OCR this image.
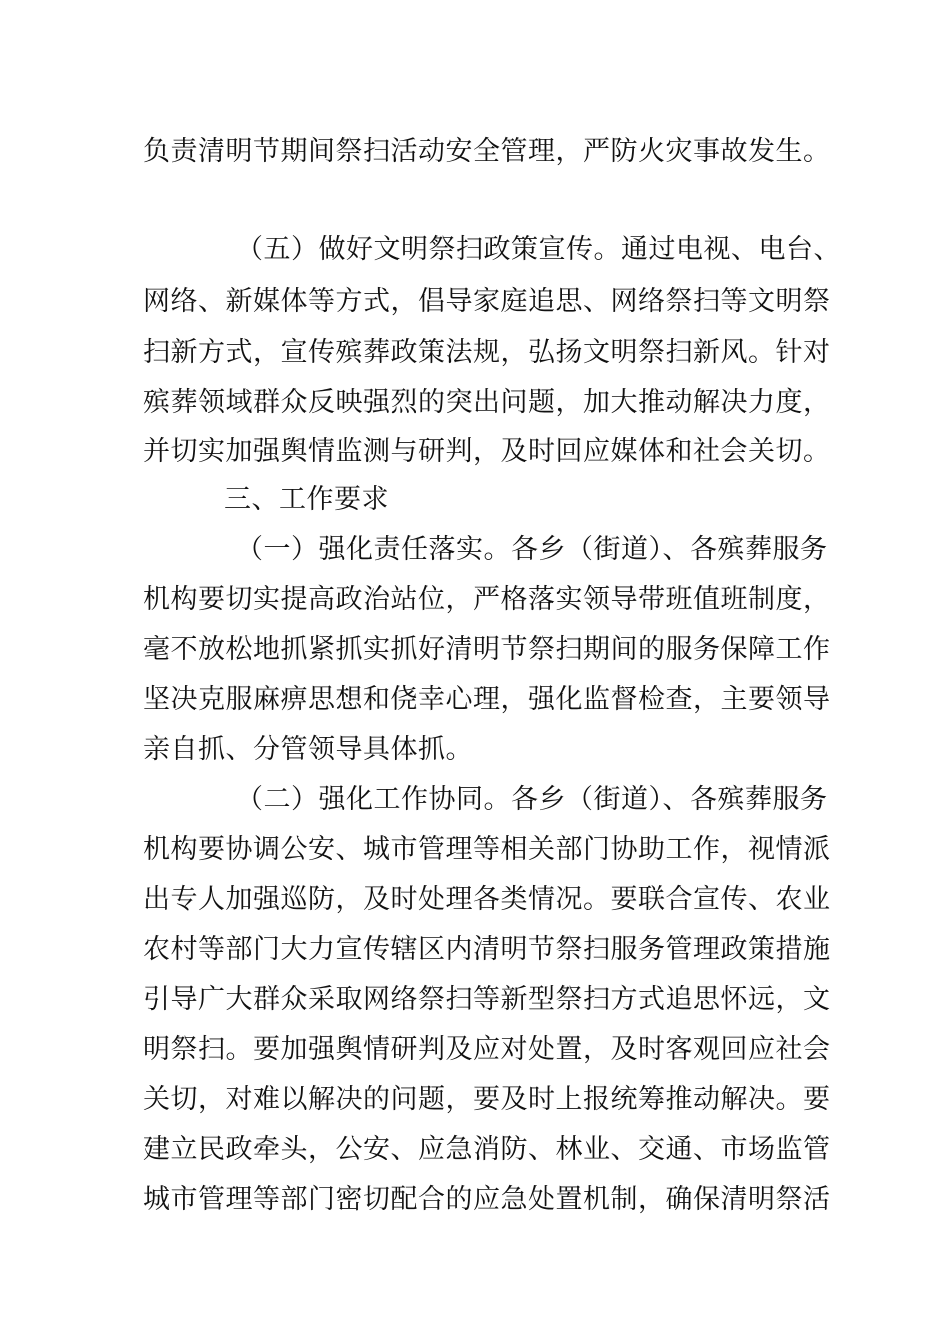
负责清明节期间祭扫活动安全管理，严防火灾事故发生。

（五）做好文明祭扫政策宣传。通过电视、电台、

网络、新媒体等方式，倡导家庭追思、网络祭扫等文明祭

扫新方式，宣传殡葬政策法规，弘扬文明祭扫新风。针对

殡葬领域群众反映强烈的突出问题，加大推动解决力度，

并切实加强舆情监测与研判，及时回应媒体和社会关切。

三、工作要求

（一）强化责任落实。各乡（街道）、各殡葬服务

机构要切实提高政治站位，严格落实领导带班值班制度，

毫不放松地抓紧抓实抓好清明节祭扫期间的服务保障工作

坚决克服麻痹思想和侥幸心理，强化监督检查，主要领导

亲自抓、分管领导具体抓。

（二）强化工作协同。各乡（街道）、各殡葬服务

机构要协调公安、城市管理等相关部门协助工作，视情派

出专人加强巡防，及时处理各类情况。要联合宣传、农业

农村等部门大力宣传辖区内清明节祭扫服务管理政策措施

引导广大群众采取网络祭扫等新型祭扫方式追思怀远，文

明祭扫。要加强舆情研判及应对处置，及时客观回应社会

关切，对难以解决的问题，要及时上报统筹推动解决。要

建立民政牵头，公安、应急消防、林业、交通、市场监管

城市管理等部门密切配合的应急处置机制，确保清明祭活
